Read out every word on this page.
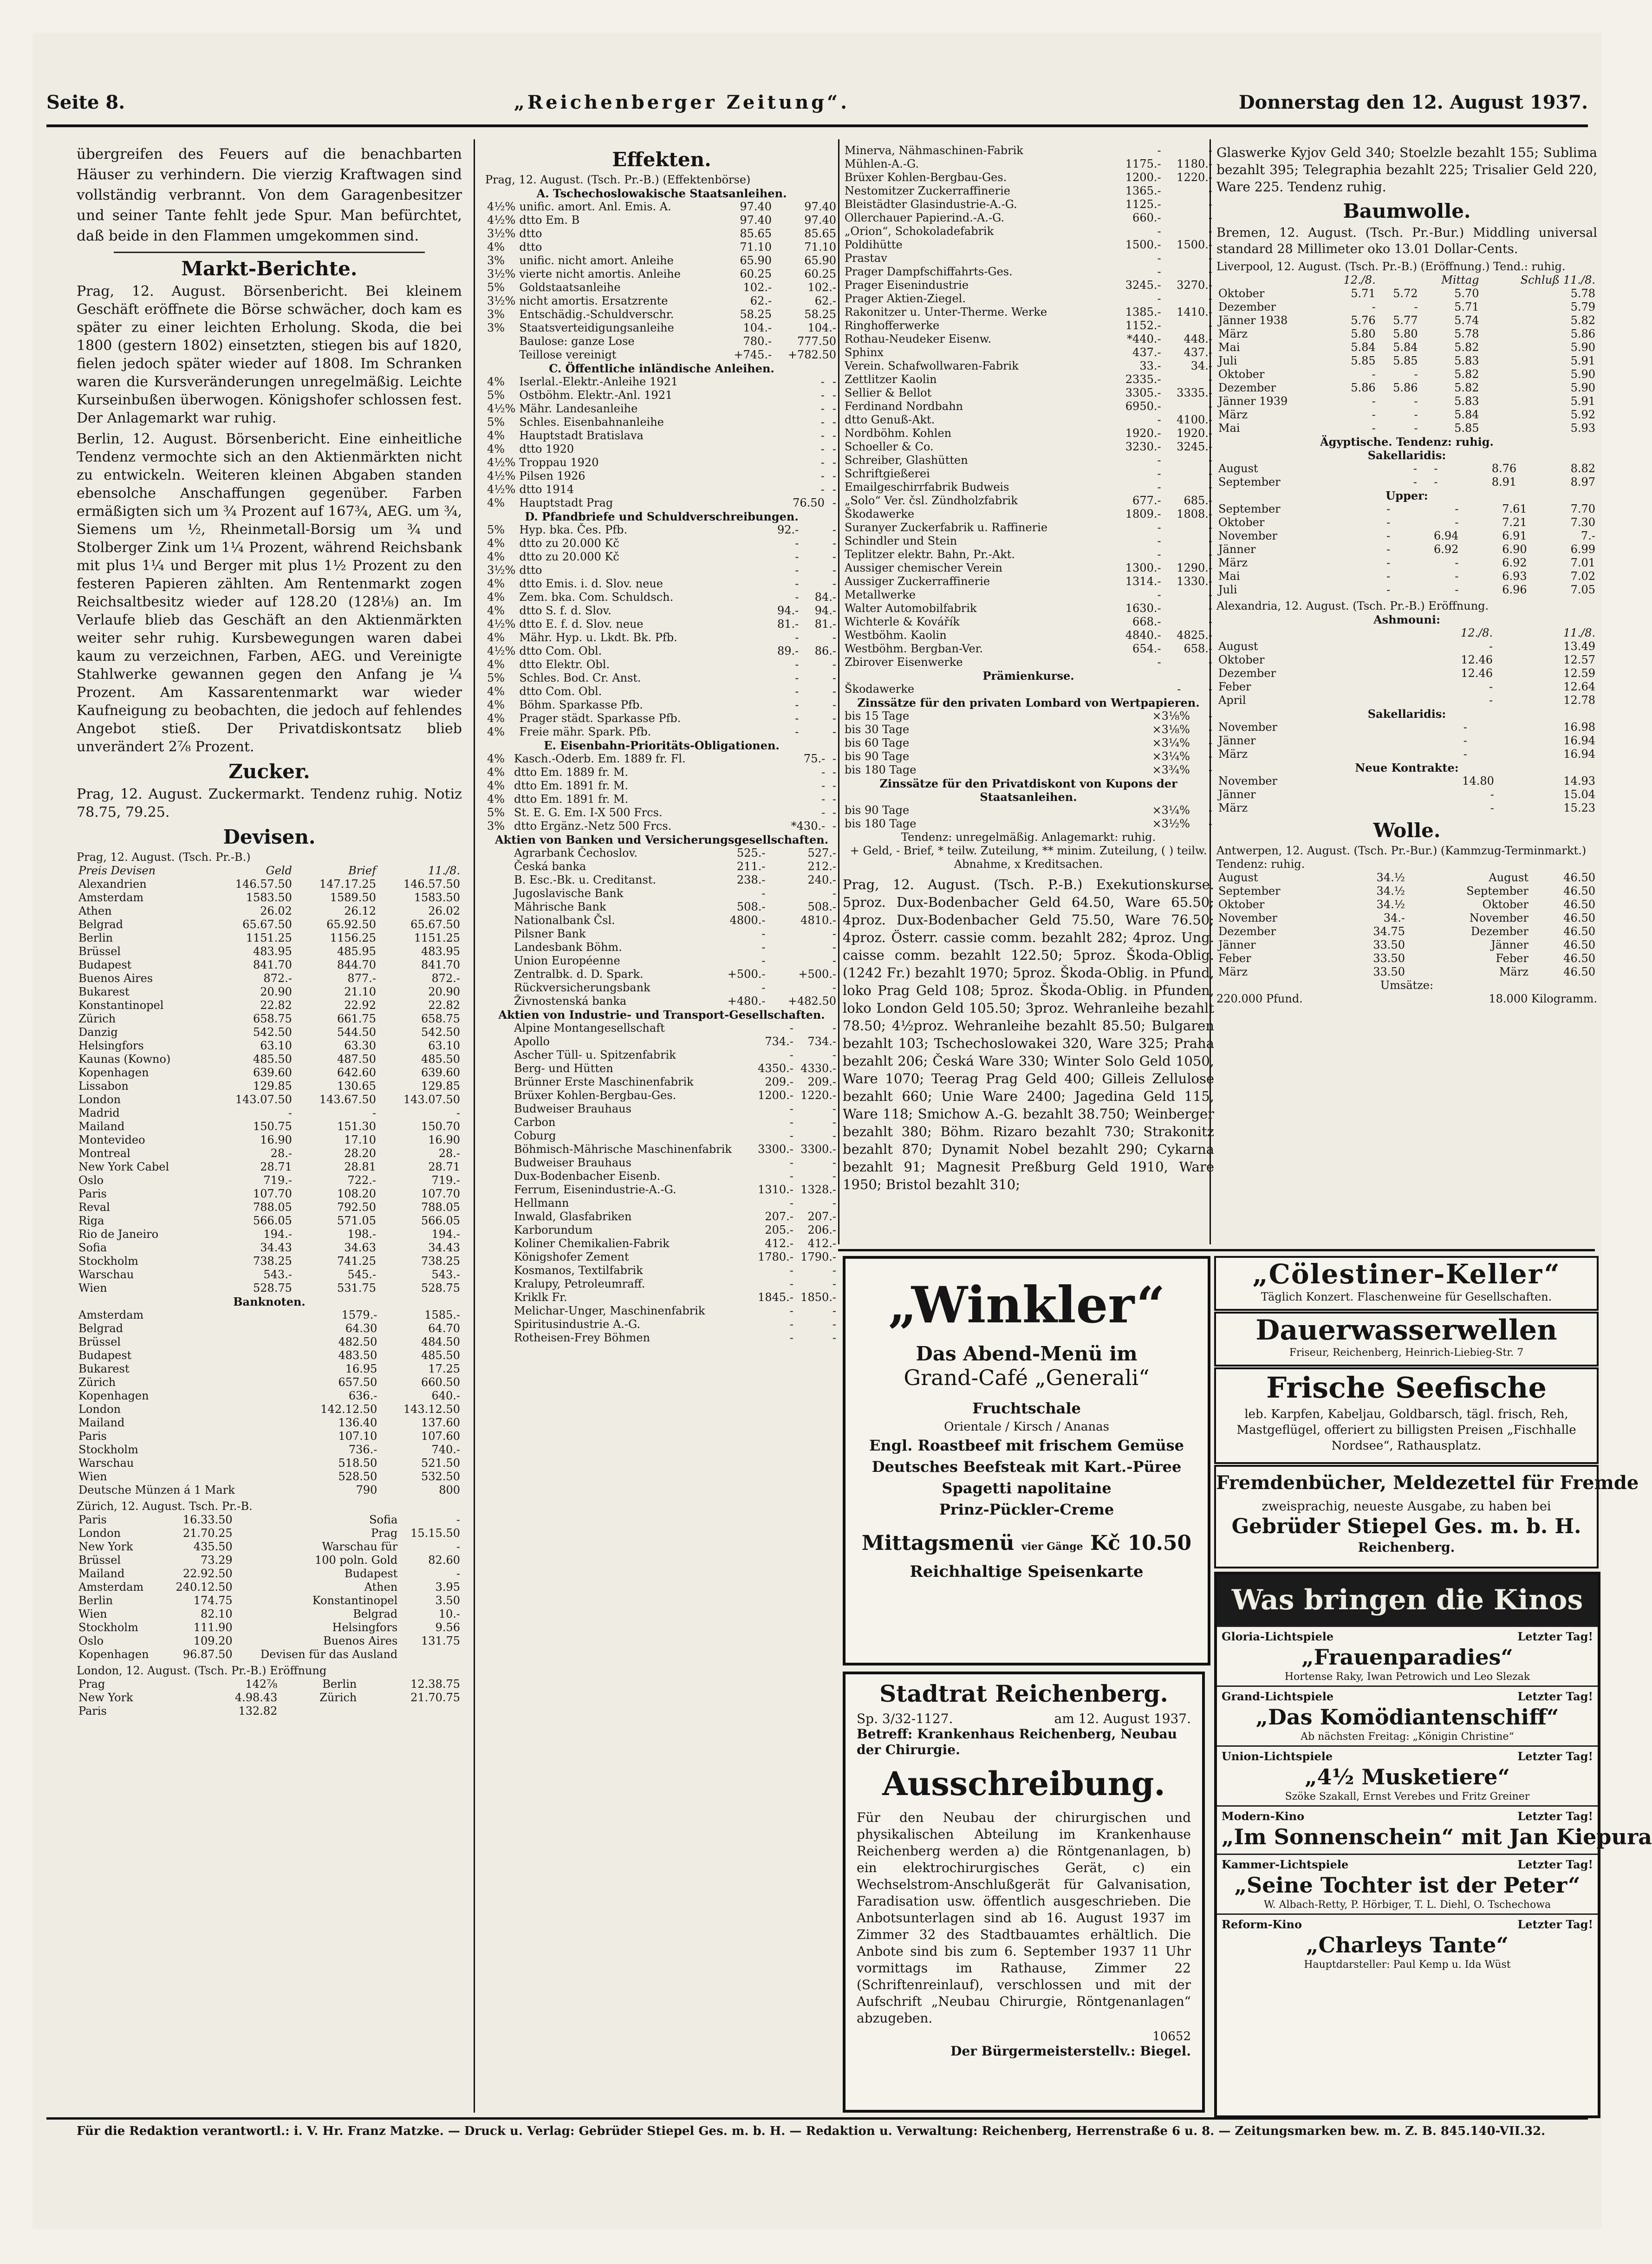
Seite 8.	„Reichenberger Zeitung“.	Donnerstag den 12. August 1937.

übergreifen des Feuers auf die benachbarten Häuser zu verhindern. Die vierzig Kraftwagen sind vollständig verbrannt. Von dem Garagenbesitzer und seiner Tante fehlt jede Spur. Man befürchtet, daß beide in den Flammen umgekommen sind.

Markt-Berichte.

Prag, 12. August. Börsenbericht. Bei kleinem Geschäft eröffnete die Börse schwächer, doch kam es später zu einer leichten Erholung. Skoda, die bei 1800 (gestern 1802) einsetzten, stiegen bis auf 1820, fielen jedoch später wieder auf 1808. Im Schranken waren die Kursveränderungen unregelmäßig. Leichte Kurseinbußen überwogen. Königshofer schlossen fest. Der Anlagemarkt war ruhig.

Berlin, 12. August. Börsenbericht. Eine einheitliche Tendenz vermochte sich an den Aktienmärkten nicht zu entwickeln. Weiteren kleinen Abgaben standen ebensolche Anschaffungen gegenüber. Farben ermäßigten sich um ¾ Prozent auf 167¾, AEG. um ¾, Siemens um ½, Rheinmetall-Borsig um ¾ und Stolberger Zink um 1¼ Prozent, während Reichsbank mit plus 1¼ und Berger mit plus 1½ Prozent zu den festeren Papieren zählten. Am Rentenmarkt zogen Reichsaltbesitz wieder auf 128.20 (128⅛) an. Im Verlaufe blieb das Geschäft an den Aktienmärkten weiter sehr ruhig. Kursbewegungen waren dabei kaum zu verzeichnen, Farben, AEG. und Vereinigte Stahlwerke gewannen gegen den Anfang je ¼ Prozent. Am Kassarentenmarkt war wieder Kaufneigung zu beobachten, die jedoch auf fehlendes Angebot stieß. Der Privatdiskontsatz blieb unverändert 2⅞ Prozent.

Zucker.

Prag, 12. August. Zuckermarkt. Tendenz ruhig. Notiz 78.75, 79.25.

Devisen.
Prag, 12. August. (Tsch. Pr.-B.)
Preis Devisen	Geld	Brief	11./8.
Alexandrien	146.57.50	147.17.25	146.57.50
Amsterdam	1583.50	1589.50	1583.50
Athen	26.02	26.12	26.02
Belgrad	65.67.50	65.92.50	65.67.50
Berlin	1151.25	1156.25	1151.25
Brüssel	483.95	485.95	483.95
Budapest	841.70	844.70	841.70
Buenos Aires	872.-	877.-	872.-
Bukarest	20.90	21.10	20.90
Konstantinopel	22.82	22.92	22.82
Zürich	658.75	661.75	658.75
Danzig	542.50	544.50	542.50
Helsingfors	63.10	63.30	63.10
Kaunas (Kowno)	485.50	487.50	485.50
Kopenhagen	639.60	642.60	639.60
Lissabon	129.85	130.65	129.85
London	143.07.50	143.67.50	143.07.50
Madrid	-	-	-
Mailand	150.75	151.30	150.70
Montevideo	16.90	17.10	16.90
Montreal	28.-	28.20	28.-
New York Cabel	28.71	28.81	28.71
Oslo	719.-	722.-	719.-
Paris	107.70	108.20	107.70
Reval	788.05	792.50	788.05
Riga	566.05	571.05	566.05
Rio de Janeiro	194.-	198.-	194.-
Sofia	34.43	34.63	34.43
Stockholm	738.25	741.25	738.25
Warschau	543.-	545.-	543.-
Wien	528.75	531.75	528.75
Banknoten.
Amsterdam	1579.-	1585.-
Belgrad	64.30	64.70
Brüssel	482.50	484.50
Budapest	483.50	485.50
Bukarest	16.95	17.25
Zürich	657.50	660.50
Kopenhagen	636.-	640.-
London	142.12.50	143.12.50
Mailand	136.40	137.60
Paris	107.10	107.60
Stockholm	736.-	740.-
Warschau	518.50	521.50
Wien	528.50	532.50
Deutsche Münzen á 1 Mark	790	800
Zürich, 12. August. Tsch. Pr.-B.
Paris	16.33.50	Sofia	-
London	21.70.25	Prag	15.15.50
New York	435.50	Warschau für	-
Brüssel	73.29	100 poln. Gold	82.60
Mailand	22.92.50	Budapest	-
Amsterdam	240.12.50	Athen	3.95
Berlin	174.75	Konstantinopel	3.50
Wien	82.10	Belgrad	10.-
Stockholm	111.90	Helsingfors	9.56
Oslo	109.20	Buenos Aires	131.75
Kopenhagen	96.87.50	Devisen für das Ausland	
London, 12. August. (Tsch. Pr.-B.) Eröffnung
Prag	142⅞	Berlin	12.38.75
New York	4.98.43	Zürich	21.70.75
Paris	132.82		
Effekten.
Prag, 12. August. (Tsch. Pr.-B.) (Effektenbörse)
A. Tschechoslowakische Staatsanleihen.
4½%	unific. amort. Anl. Emis. A.	97.40	97.40
4½%	dtto Em. B	97.40	97.40
3½%	dtto	85.65	85.65
4%	dtto	71.10	71.10
3%	unific. nicht amort. Anleihe	65.90	65.90
3½%	vierte nicht amortis. Anleihe	60.25	60.25
5%	Goldstaatsanleihe	102.-	102.-
3½%	nicht amortis. Ersatzrente	62.-	62.-
3%	Entschädig.-Schuldverschr.	58.25	58.25
3%	Staatsverteidigungsanleihe	104.-	104.-
	Baulose: ganze Lose	780.-	777.50
	Teillose vereinigt	+745.-	+782.50
C. Öffentliche inländische Anleihen.
4%	Iserlal.-Elektr.-Anleihe 1921	-	-
5%	Ostböhm. Elektr.-Anl. 1921	-	-
4½%	Mähr. Landesanleihe	-	-
5%	Schles. Eisenbahnanleihe	-	-
4%	Hauptstadt Bratislava	-	-
4%	dtto 1920	-	-
4½%	Troppau 1920	-	-
4½%	Pilsen 1926	-	-
4½%	dtto 1914	-	-
4%	Hauptstadt Prag	76.50	-
D. Pfandbriefe und Schuldverschreibungen.
5%	Hyp. bka. Čes. Pfb.	92.-	-
4%	dtto zu 20.000 Kč	-	-
4%	dtto zu 20.000 Kč	-	-
3½%	dtto	-	-
4%	dtto Emis. i. d. Slov. neue	-	-
4%	Zem. bka. Com. Schuldsch.	-	84.-
4%	dtto S. f. d. Slov.	94.-	94.-
4½%	dtto E. f. d. Slov. neue	81.-	81.-
4%	Mähr. Hyp. u. Lkdt. Bk. Pfb.	-	-
4½%	dtto Com. Obl.	89.-	86.-
4%	dtto Elektr. Obl.	-	-
5%	Schles. Bod. Cr. Anst.	-	-
4%	dtto Com. Obl.	-	-
4%	Böhm. Sparkasse Pfb.	-	-
4%	Prager städt. Sparkasse Pfb.	-	-
4%	Freie mähr. Spark. Pfb.	-	-
E. Eisenbahn-Prioritäts-Obligationen.
4%	Kasch.-Oderb. Em. 1889 fr. Fl.	75.-	-
4%	dtto Em. 1889 fr. M.	-	-
4%	dtto Em. 1891 fr. M.	-	-
4%	dtto Em. 1891 fr. M.	-	-
5%	St. E. G. Em. I-X 500 Frcs.	-	-
3%	dtto Ergänz.-Netz 500 Frcs.	*430.-	-
Aktien von Banken und Versicherungsgesellschaften.
	Agrarbank Čechoslov.	525.-	527.-
	Česká banka	211.-	212.-
	B. Esc.-Bk. u. Creditanst.	238.-	240.-
	Jugoslavische Bank	-	-
	Mährische Bank	508.-	508.-
	Nationalbank Čsl.	4800.-	4810.-
	Pilsner Bank	-	-
	Landesbank Böhm.	-	-
	Union Européenne	-	-
	Zentralbk. d. D. Spark.	+500.-	+500.-
	Rückversicherungsbank	-	-
	Živnostenská banka	+480.-	+482.50
Aktien von Industrie- und Transport-Gesellschaften.
	Alpine Montangesellschaft	-	-
	Apollo	734.-	734.-
	Ascher Tüll- u. Spitzenfabrik	-	-
	Berg- und Hütten	4350.-	4330.-
	Brünner Erste Maschinenfabrik	209.-	209.-
	Brüxer Kohlen-Bergbau-Ges.	1200.-	1220.-
	Budweiser Brauhaus	-	-
	Carbon	-	-
	Coburg	-	-
	Böhmisch-Mährische Maschinenfabrik	3300.-	3300.-
	Budweiser Brauhaus	-	-
	Dux-Bodenbacher Eisenb.	-	-
	Ferrum, Eisenindustrie-A.-G.	1310.-	1328.-
	Hellmann	-	-
	Inwald, Glasfabriken	207.-	207.-
	Karborundum	205.-	206.-
	Koliner Chemikalien-Fabrik	412.-	412.-
	Königshofer Zement	1780.-	1790.-
	Kosmanos, Textilfabrik	-	-
	Kralupy, Petroleumraff.	-	-
	Kriklk Fr.	1845.-	1850.-
	Melichar-Unger, Maschinenfabrik	-	-
	Spiritusindustrie A.-G.	-	-
	Rotheisen-Frey Böhmen	-	-
Minerva, Nähmaschinen-Fabrik	-	-
Mühlen-A.-G.	1175.-	1180.-
Brüxer Kohlen-Bergbau-Ges.	1200.-	1220.-
Nestomitzer Zuckerraffinerie	1365.-	-
Bleistädter Glasindustrie-A.-G.	1125.-	-
Ollerchauer Papierind.-A.-G.	660.-	-
„Orion“, Schokoladefabrik	-	-
Poldihütte	1500.-	1500.-
Prastav	-	-
Prager Dampfschiffahrts-Ges.	-	-
Prager Eisenindustrie	3245.-	3270.-
Prager Aktien-Ziegel.	-	-
Rakonitzer u. Unter-Therme. Werke	1385.-	1410.-
Ringhofferwerke	1152.-	-
Rothau-Neudeker Eisenw.	*440.-	448.-
Sphinx	437.-	437.-
Verein. Schafwollwaren-Fabrik	33.-	34.-
Zettlitzer Kaolin	2335.-	-
Sellier & Bellot	3305.-	3335.-
Ferdinand Nordbahn	6950.-	-
dtto Genuß-Akt.	-	4100.-
Nordböhm. Kohlen	1920.-	1920.-
Schoeller & Co.	3230.-	3245.-
Schreiber, Glashütten	-	-
Schriftgießerei	-	-
Emailgeschirrfabrik Budweis	-	-
„Solo“ Ver. čsl. Zündholzfabrik	677.-	685.-
Škodawerke	1809.-	1808.-
Suranyer Zuckerfabrik u. Raffinerie	-	-
Schindler und Stein	-	-
Teplitzer elektr. Bahn, Pr.-Akt.	-	-
Aussiger chemischer Verein	1300.-	1290.-
Aussiger Zuckerraffinerie	1314.-	1330.-
Metallwerke	-	-
Walter Automobilfabrik	1630.-	-
Wichterle & Kovářík	668.-	-
Westböhm. Kaolin	4840.-	4825.-
Westböhm. Bergban-Ver.	654.-	658.-
Zbirover Eisenwerke	-	-
Prämienkurse.
Škodawerke	-	-
Zinssätze für den privaten Lombard von Wertpapieren.
bis 15 Tage	×3⅛%	-
bis 30 Tage	×3⅛%	-
bis 60 Tage	×3¼%	-
bis 90 Tage	×3¼%	-
bis 180 Tage	×3¾%	-
Zinssätze für den Privatdiskont von Kupons der Staatsanleihen.
bis 90 Tage	×3¼%	-
bis 180 Tage	×3½%	-
Tendenz: unregelmäßig. Anlagemarkt: ruhig.
+ Geld, - Brief, * teilw. Zuteilung, ** minim. Zuteilung, ( ) teilw. Abnahme, x Kreditsachen.

Prag, 12. August. (Tsch. P.-B.) Exekutionskurse. 5proz. Dux-Bodenbacher Geld 64.50, Ware 65.50; 4proz. Dux-Bodenbacher Geld 75.50, Ware 76.50; 4proz. Österr. cassie comm. bezahlt 282; 4proz. Ung. caisse comm. bezahlt 122.50; 5proz. Škoda-Oblig. (1242 Fr.) bezahlt 1970; 5proz. Škoda-Oblig. in Pfund, loko Prag Geld 108; 5proz. Škoda-Oblig. in Pfunden, loko London Geld 105.50; 3proz. Wehranleihe bezahlt 78.50; 4½proz. Wehranleihe bezahlt 85.50; Bulgaren bezahlt 103; Tschechoslowakei 320, Ware 325; Praha bezahlt 206; Česká Ware 330; Winter Solo Geld 1050, Ware 1070; Teerag Prag Geld 400; Gilleis Zellulose bezahlt 660; Unie Ware 2400; Jagedina Geld 115, Ware 118; Smichow A.-G. bezahlt 38.750; Weinberger bezahlt 380; Böhm. Rizaro bezahlt 730; Strakonitz bezahlt 870; Dynamit Nobel bezahlt 290; Cykarna bezahlt 91; Magnesit Preßburg Geld 1910, Ware 1950; Bristol bezahlt 310;

Glaswerke Kyjov Geld 340; Stoelzle bezahlt 155; Sublima bezahlt 395; Telegraphia bezahlt 225; Trisalier Geld 220, Ware 225. Tendenz ruhig.

Baumwolle.

Bremen, 12. August. (Tsch. Pr.-Bur.) Middling universal standard 28 Millimeter oko 13.01 Dollar-Cents.

Liverpool, 12. August. (Tsch. Pr.-B.) (Eröffnung.) Tend.: ruhig.
	12./8.		Mittag	Schluß 11./8.
Oktober	5.71	5.72	5.70	5.78
Dezember	-	-	5.71	5.79
Jänner 1938	5.76	5.77	5.74	5.82
März	5.80	5.80	5.78	5.86
Mai	5.84	5.84	5.82	5.90
Juli	5.85	5.85	5.83	5.91
Oktober	-	-	5.82	5.90
Dezember	5.86	5.86	5.82	5.90
Jänner 1939	-	-	5.83	5.91
März	-	-	5.84	5.92
Mai	-	-	5.85	5.93
Ägyptische. Tendenz: ruhig.
Sakellaridis:
August	-	-	8.76	8.82
September	-	-	8.91	8.97
Upper:
September	-	-	7.61	7.70
Oktober	-	-	7.21	7.30
November	-	6.94	6.91	7.-
Jänner	-	6.92	6.90	6.99
März	-	-	6.92	7.01
Mai	-	-	6.93	7.02
Juli	-	-	6.96	7.05
Alexandria, 12. August. (Tsch. Pr.-B.) Eröffnung.
Ashmouni:
	12./8.	11./8.
August	-	13.49
Oktober	12.46	12.57
Dezember	12.46	12.59
Feber	-	12.64
April	-	12.78
Sakellaridis:
November	-	16.98
Jänner	-	16.94
März	-	16.94
Neue Kontrakte:
November	14.80	14.93
Jänner	-	15.04
März	-	15.23
Wolle.
Antwerpen, 12. August. (Tsch. Pr.-Bur.) (Kammzug-Terminmarkt.) Tendenz: ruhig.
August	34.½	August	46.50
September	34.½	September	46.50
Oktober	34.½	Oktober	46.50
November	34.-	November	46.50
Dezember	34.75	Dezember	46.50
Jänner	33.50	Jänner	46.50
Feber	33.50	Feber	46.50
März	33.50	März	46.50
Umsätze:
220.000 Pfund.	18.000 Kilogramm.
„Winkler“
Das Abend-Menü im
Grand-Café „Generali“
Fruchtschale
Orientale / Kirsch / Ananas
Engl. Roastbeef mit frischem Gemüse
Deutsches Beefsteak mit Kart.-Püree
Spagetti napolitaine
Prinz-Pückler-Creme
Mittagsmenü vier Gänge Kč 10.50
Reichhaltige Speisenkarte
Stadtrat Reichenberg.
Sp. 3/32-1127.	am 12. August 1937.
Betreff: Krankenhaus Reichenberg, Neubau der Chirurgie.
Ausschreibung.

Für den Neubau der chirurgischen und physikalischen Abteilung im Krankenhause Reichenberg werden a) die Röntgenanlagen, b) ein elektrochirurgisches Gerät, c) ein Wechselstrom-Anschlußgerät für Galvanisation, Faradisation usw. öffentlich ausgeschrieben. Die Anbotsunterlagen sind ab 16. August 1937 im Zimmer 32 des Stadtbauamtes erhältlich. Die Anbote sind bis zum 6. September 1937 11 Uhr vormittags im Rathause, Zimmer 22 (Schriftenreinlauf), verschlossen und mit der Aufschrift „Neubau Chirurgie, Röntgenanlagen“ abzugeben.

10652
Der Bürgermeisterstellv.: Biegel.
„Cölestiner-Keller“
Täglich Konzert. Flaschenweine für Gesellschaften.
Dauerwasserwellen
Friseur, Reichenberg, Heinrich-Liebieg-Str. 7
Frische Seefische
leb. Karpfen, Kabeljau, Goldbarsch, tägl. frisch, Reh, Mastgeflügel, offeriert zu billigsten Preisen „Fischhalle Nordsee“, Rathausplatz.
Fremdenbücher, Meldezettel für Fremde
zweisprachig, neueste Ausgabe, zu haben bei
Gebrüder Stiepel Ges. m. b. H.
Reichenberg.
Was bringen die Kinos
Gloria-Lichtspiele	Letzter Tag!
„Frauenparadies“
Hortense Raky, Iwan Petrowich und Leo Slezak
Grand-Lichtspiele	Letzter Tag!
„Das Komödiantenschiff“
Ab nächsten Freitag: „Königin Christine“
Union-Lichtspiele	Letzter Tag!
„4½ Musketiere“
Szöke Szakall, Ernst Verebes und Fritz Greiner
Modern-Kino	Letzter Tag!
„Im Sonnenschein“ mit Jan Kiepura
Kammer-Lichtspiele	Letzter Tag!
„Seine Tochter ist der Peter“
W. Albach-Retty, P. Hörbiger, T. L. Diehl, O. Tschechowa
Reform-Kino	Letzter Tag!
„Charleys Tante“
Hauptdarsteller: Paul Kemp u. Ida Wüst
Für die Redaktion verantwortl.: i. V. Hr. Franz Matzke. — Druck u. Verlag: Gebrüder Stiepel Ges. m. b. H. — Redaktion u. Verwaltung: Reichenberg, Herrenstraße 6 u. 8. — Zeitungsmarken bew. m. Z. B. 845.140-VII.32.
